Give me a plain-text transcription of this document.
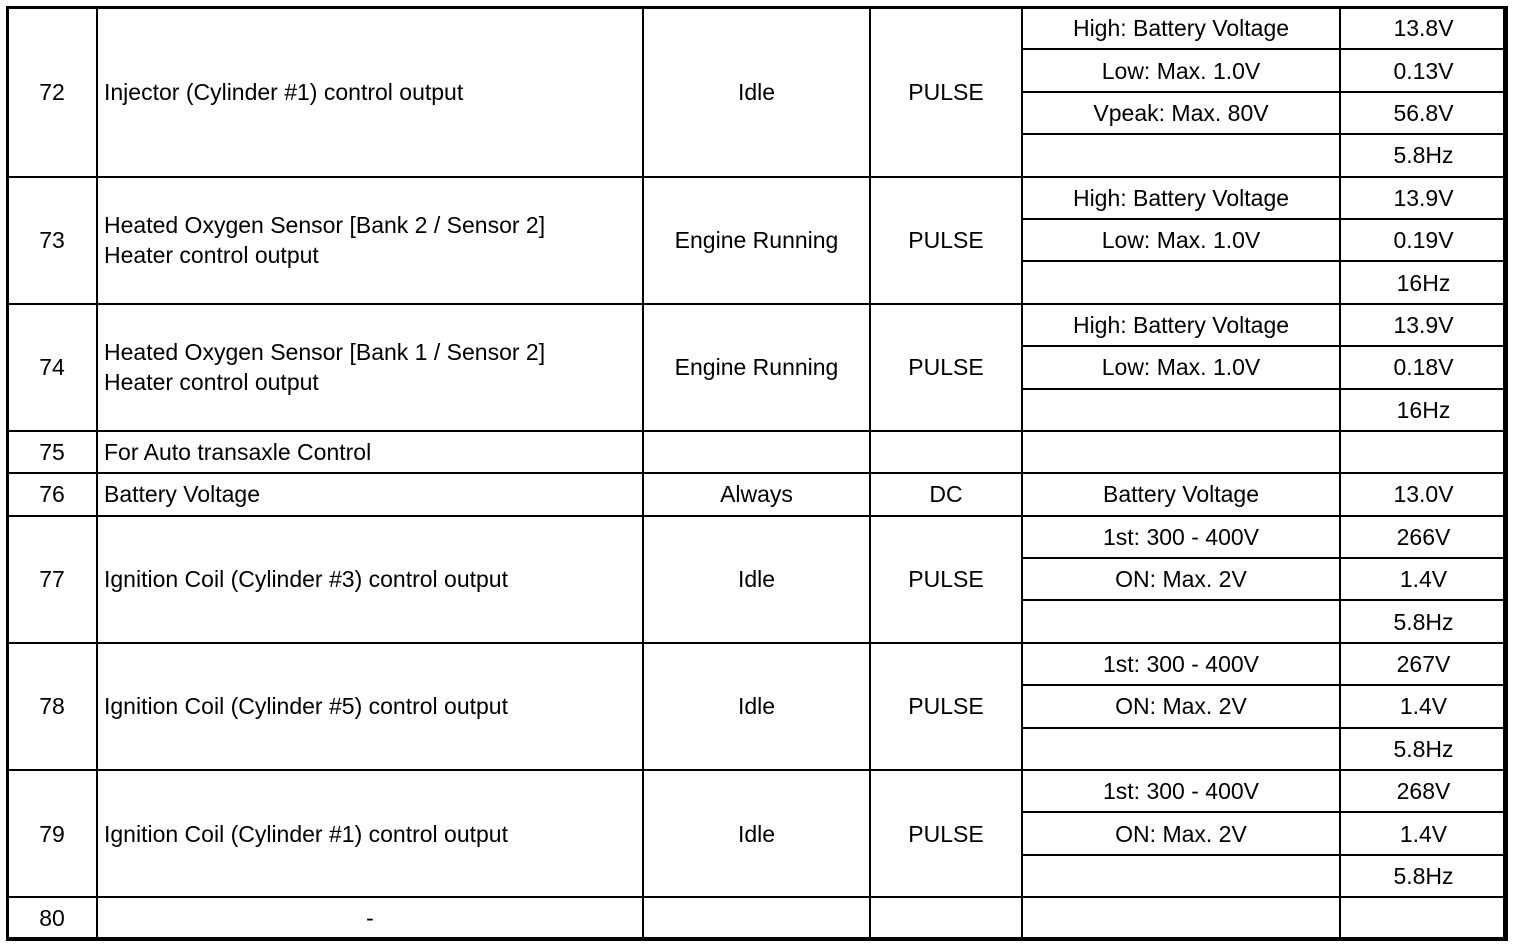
72	Injector (Cylinder #1) control output	Idle	PULSE	High: Battery Voltage	13.8V
				Low: Max. 1.0V	0.13V
				Vpeak: Max. 80V	56.8V
					5.8Hz
73	Heated Oxygen Sensor [Bank 2 / Sensor 2]
Heater control output	Engine Running	PULSE	High: Battery Voltage	13.9V
				Low: Max. 1.0V	0.19V
					16Hz
74	Heated Oxygen Sensor [Bank 1 / Sensor 2]
Heater control output	Engine Running	PULSE	High: Battery Voltage	13.9V
				Low: Max. 1.0V	0.18V
					16Hz
75	For Auto transaxle Control				

76	Battery Voltage	Always	DC	Battery Voltage	13.0V
77	Ignition Coil (Cylinder #3) control output	Idle	PULSE	1st: 300 - 400V	266V
				ON: Max. 2V	1.4V
					5.8Hz
78	Ignition Coil (Cylinder #5) control output	Idle	PULSE	1st: 300 - 400V	267V
				ON: Max. 2V	1.4V
					5.8Hz
79	Ignition Coil (Cylinder #1) control output	Idle	PULSE	1st: 300 - 400V	268V
				ON: Max. 2V	1.4V
					5.8Hz
80	-				
